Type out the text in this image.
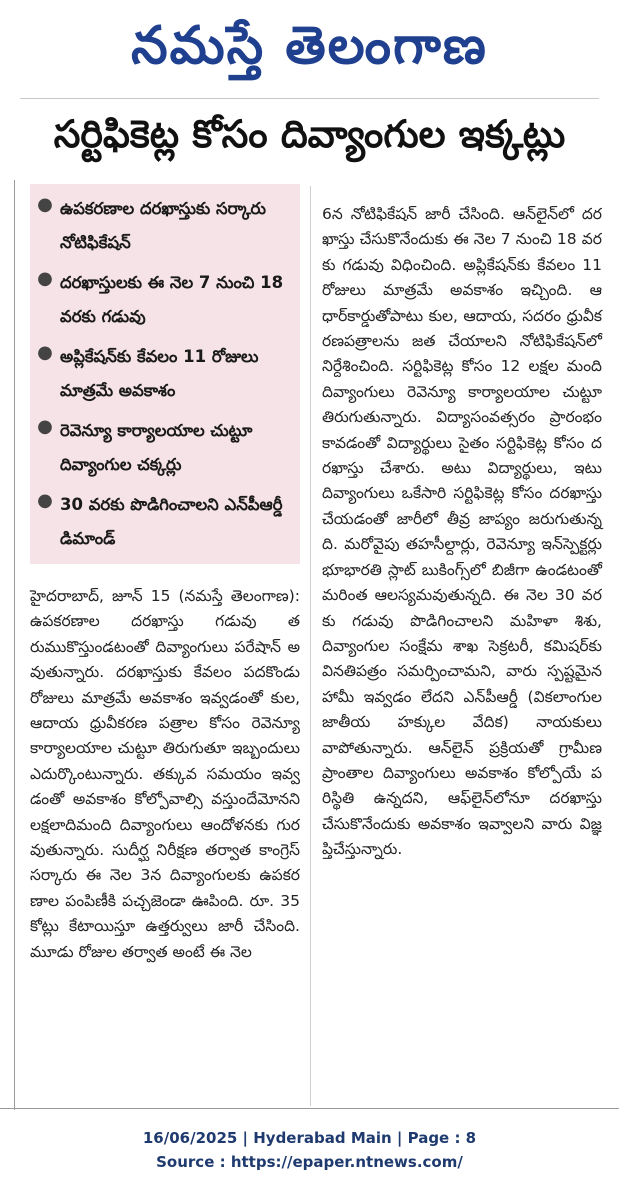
నమస్తే తెలంగాణ
సర్టిఫికెట్ల కోసం దివ్యాంగుల ఇక్కట్లు
● ఉపకరణాల దరఖాస్తుకు సర్కారు నోటిఫికేషన్
● దరఖాస్తులకు ఈ నెల 7 నుంచి 18 వరకు గడువు
● అప్లికేషన్‌కు కేవలం 11 రోజులు మాత్రమే అవకాశం
● రెవెన్యూ కార్యాలయాల చుట్టూ దివ్యాంగుల చక్కర్లు
● 30 వరకు పొడిగించాలని ఎన్‌పీఆర్డీ డిమాండ్
హైదరాబాద్, జూన్ 15 (నమస్తే తెలంగాణ): ఉపకరణాల దరఖాస్తు గడువు తరుముకొస్తుండటంతో దివ్యాంగులు పరేషాన్ అవుతున్నారు. దరఖాస్తుకు కేవలం పదకొండు రోజులు మాత్రమే అవకాశం ఇవ్వడంతో కుల, ఆదాయ ధ్రువీకరణ పత్రాల కోసం రెవెన్యూ కార్యాలయాల చుట్టూ తిరుగుతూ ఇబ్బందులు ఎదుర్కొంటున్నారు. తక్కువ సమయం ఇవ్వడంతో అవకాశం కోల్పోవాల్సి వస్తుందేమోనని లక్షలాదిమంది దివ్యాంగులు ఆందోళనకు గురవుతున్నారు. సుదీర్ఘ నిరీక్షణ తర్వాత కాంగ్రెస్ సర్కారు ఈ నెల 3న దివ్యాంగులకు ఉపకరణాల పంపిణీకి పచ్చజెండా ఊపింది. రూ. 35 కోట్లు కేటాయిస్తూ ఉత్తర్వులు జారీ చేసింది. మూడు రోజుల తర్వాత అంటే ఈ నెల
6న నోటిఫికేషన్ జారీ చేసింది. ఆన్‌లైన్‌లో దరఖాస్తు చేసుకొనేందుకు ఈ నెల 7 నుంచి 18 వరకు గడువు విధించింది. అప్లికేషన్‌కు కేవలం 11 రోజులు మాత్రమే అవకాశం ఇచ్చింది. ఆధార్‌కార్డుతోపాటు కుల, ఆదాయ, సదరం ధ్రువీకరణపత్రాలను జత చేయాలని నోటిఫికేషన్‌లో నిర్దేశించింది. సర్టిఫికెట్ల కోసం 12 లక్షల మంది దివ్యాంగులు రెవెన్యూ కార్యాలయాల చుట్టూ తిరుగుతున్నారు. విద్యాసంవత్సరం ప్రారంభం కావడంతో విద్యార్థులు సైతం సర్టిఫికెట్ల కోసం దరఖాస్తు చేశారు. అటు విద్యార్థులు, ఇటు దివ్యాంగులు ఒకేసారి సర్టిఫికెట్ల కోసం దరఖాస్తు చేయడంతో జారీలో తీవ్ర జాప్యం జరుగుతున్నది. మరోవైపు తహసీల్దార్లు, రెవెన్యూ ఇన్‌స్పెక్టర్లు భూభారతి స్లాట్ బుకింగ్స్‌లో బిజీగా ఉండటంతో మరింత ఆలస్యమవుతున్నది. ఈ నెల 30 వరకు గడువు పొడిగించాలని మహిళా శిశు, దివ్యాంగుల సంక్షేమ శాఖ సెక్రటరీ, కమిషర్‌కు వినతిపత్రం సమర్పించామని, వారు స్పష్టమైన హామీ ఇవ్వడం లేదని ఎన్‌పీఆర్డీ (వికలాంగుల జాతీయ హక్కుల వేదిక) నాయకులు వాపోతున్నారు. ఆన్‌లైన్ ప్రక్రియతో గ్రామీణ ప్రాంతాల దివ్యాంగులు అవకాశం కోల్పోయే పరిస్థితి ఉన్నదని, ఆఫ్‌లైన్‌లోనూ దరఖాస్తు చేసుకొనేందుకు అవకాశం ఇవ్వాలని వారు విజ్ఞప్తిచేస్తున్నారు.
16/06/2025 | Hyderabad Main | Page : 8
Source : https://epaper.ntnews.com/
